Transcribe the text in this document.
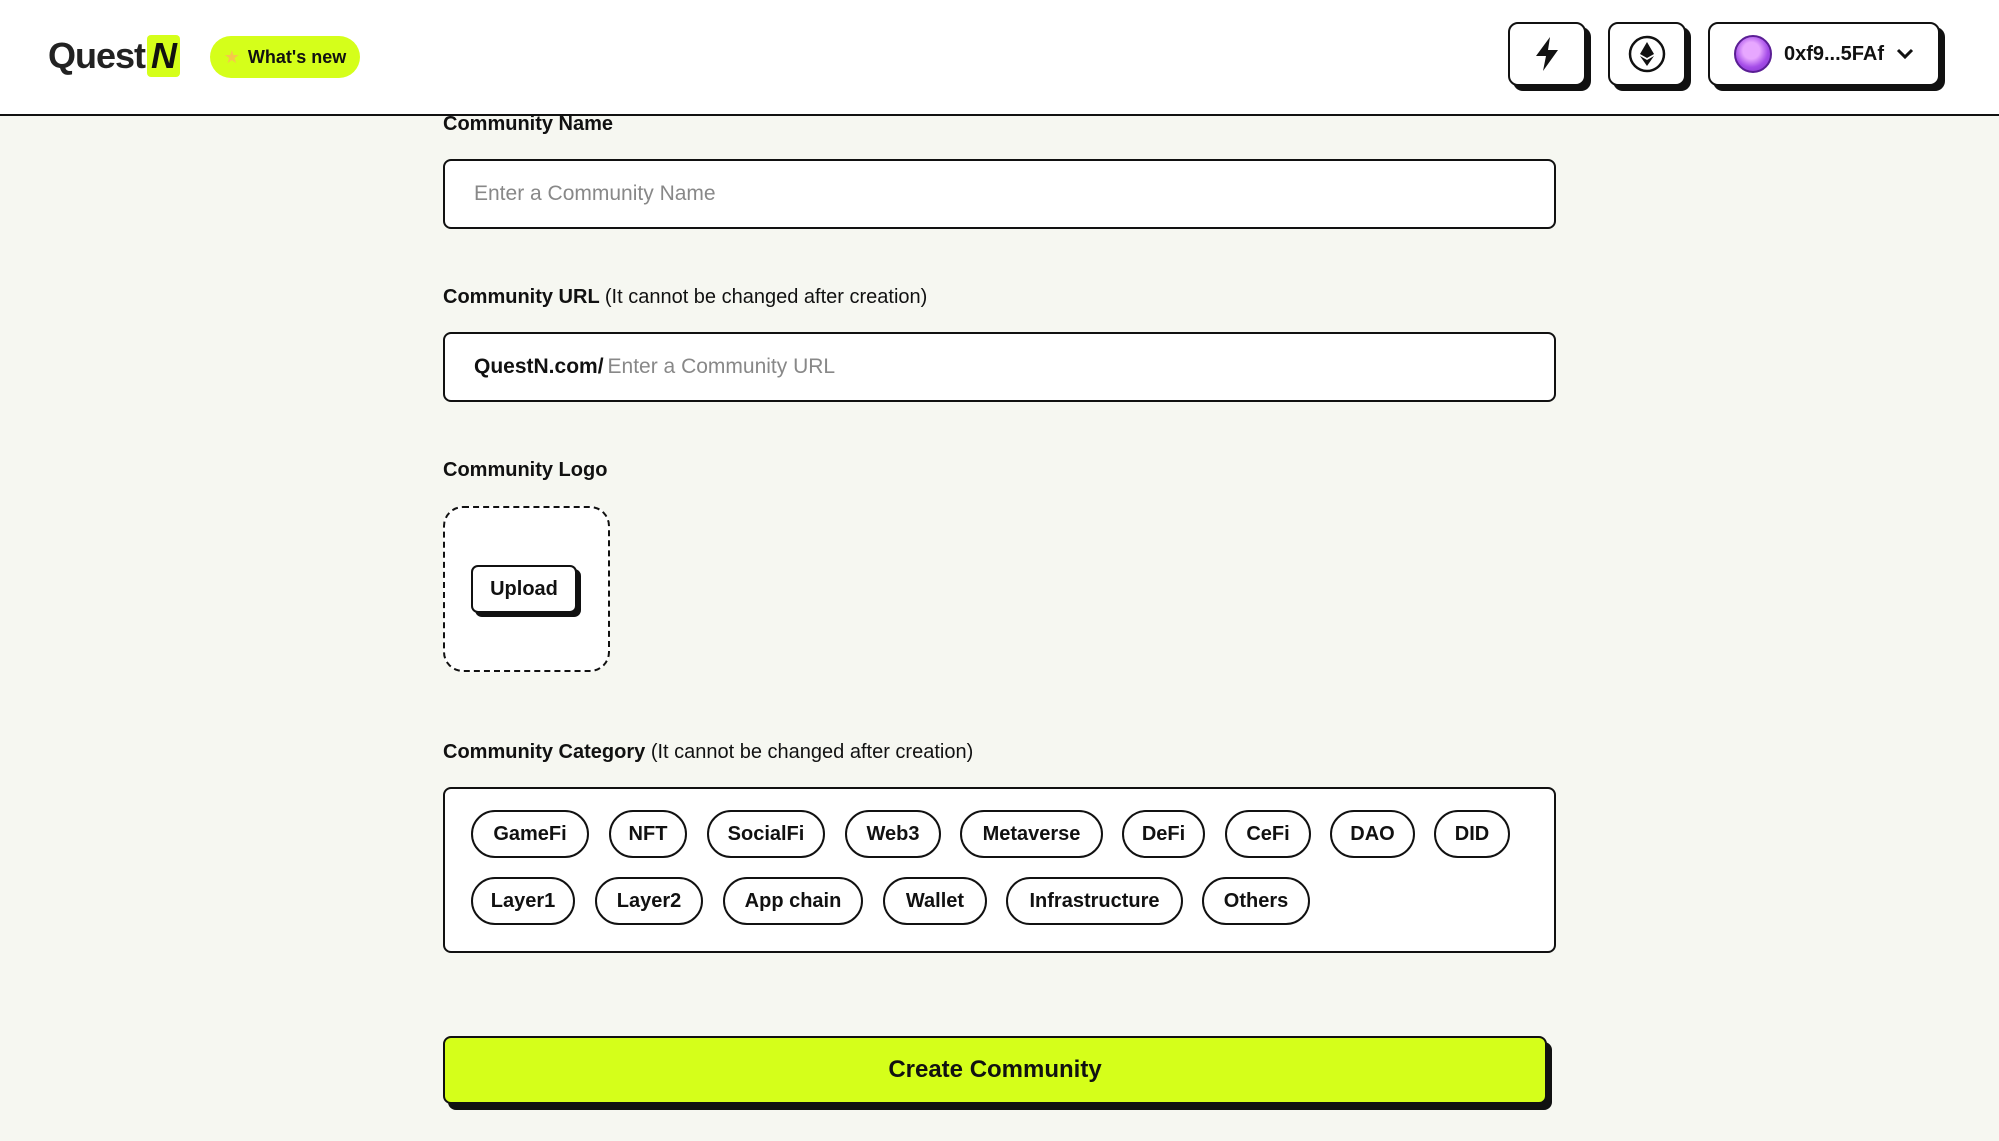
Quest N	★ What's new	0xf9...5FAf
Community Name
Enter a Community Name
Community URL (It cannot be changed after creation)
QuestN.com/ Enter a Community URL
Community Logo
Upload
Community Category (It cannot be changed after creation)
GameFi	NFT	SocialFi	Web3	Metaverse	DeFi	CeFi	DAO	DID
Layer1	Layer2	App chain	Wallet	Infrastructure	Others
Create Community
